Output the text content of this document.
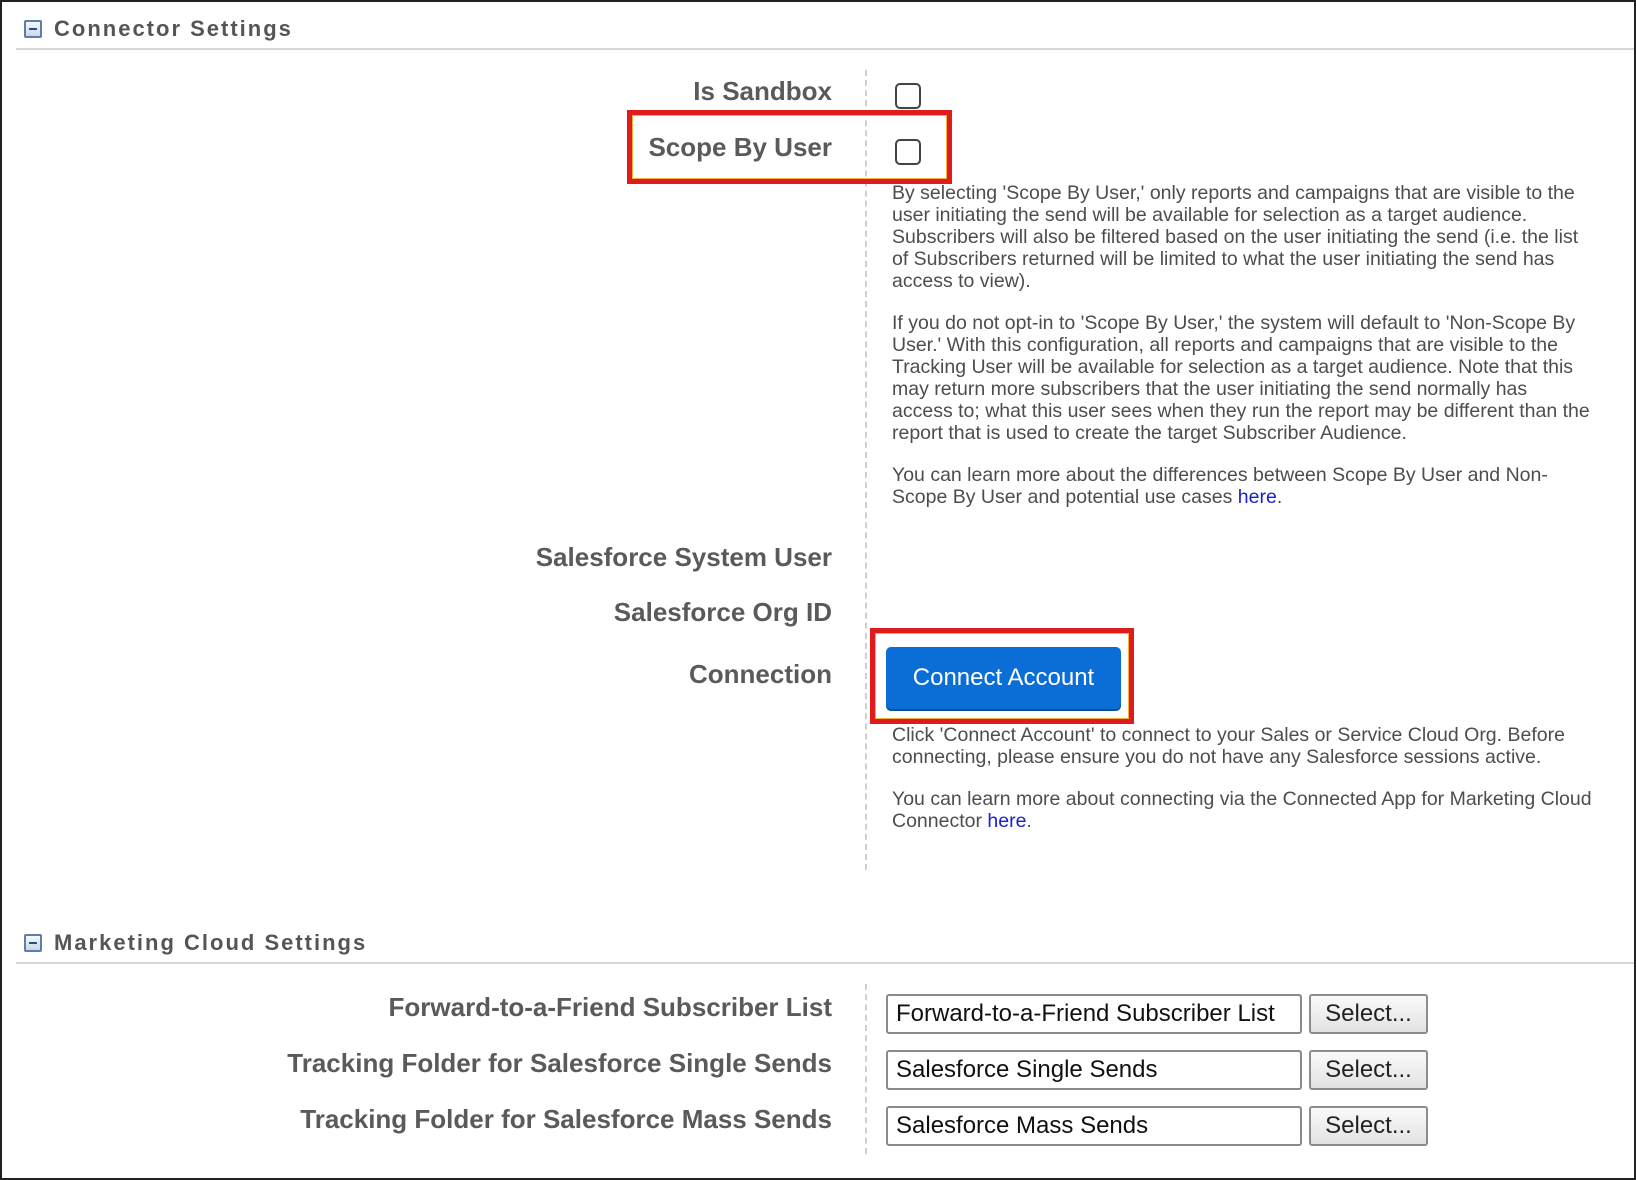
Connector Settings
Is Sandbox
Scope By User

By selecting 'Scope By User,' only reports and campaigns that are visible to the user initiating the send will be available for selection as a target audience. Subscribers will also be filtered based on the user initiating the send (i.e. the list of Subscribers returned will be limited to what the user initiating the send has access to view).

If you do not opt-in to 'Scope By User,' the system will default to 'Non-Scope By User.' With this configuration, all reports and campaigns that are visible to the Tracking User will be available for selection as a target audience. Note that this may return more subscribers that the user initiating the send normally has access to; what this user sees when they run the report may be different than the report that is used to create the target Subscriber Audience.

You can learn more about the differences between Scope By User and Non-Scope By User and potential use cases here.

Salesforce System User
Salesforce Org ID
Connection	Connect Account

Click 'Connect Account' to connect to your Sales or Service Cloud Org. Before connecting, please ensure you do not have any Salesforce sessions active.

You can learn more about connecting via the Connected App for Marketing Cloud Connector here.

Marketing Cloud Settings
Forward-to-a-Friend Subscriber List	Forward-to-a-Friend Subscriber List	Select...
Tracking Folder for Salesforce Single Sends	Salesforce Single Sends	Select...
Tracking Folder for Salesforce Mass Sends	Salesforce Mass Sends	Select...
